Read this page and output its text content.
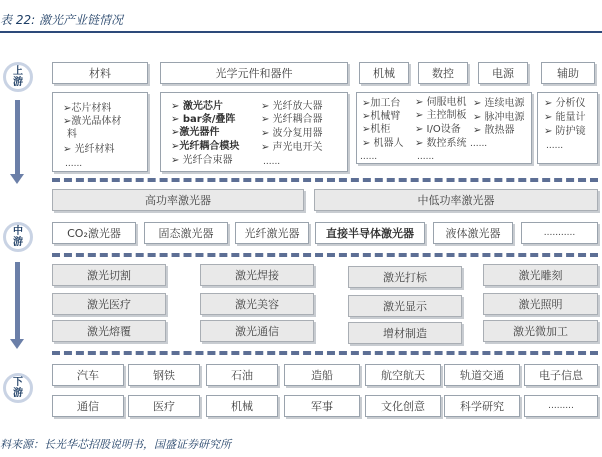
表 22: 激光产业链情况
上
游
中
游
下
游
材料	光学元件和器件	机械	数控	电源	辅助
➢芯片材料
➢激光晶体材
料
➢ 光纤材料
......
➢ 激光芯片
➢ bar条/叠阵
➢激光器件
➢光纤耦合模块
➢ 光纤合束器
➢ 光纤放大器
➢ 光纤耦合器
➢ 波分复用器
➢ 声光电开关
......
➢加工台
➢机械臂
➢机柜
➢ 机器人
......
➢ 伺服电机
➢ 主控制板
➢ I/O设备
➢ 数控系统
......
➢ 连续电源
➢ 脉冲电源
➢ 散热器
......
➢ 分析仪
➢ 能量计
➢ 防护镜
......
高功率激光器	中低功率激光器
CO₂激光器	固态激光器	光纤激光器	直接半导体激光器	液体激光器	...........
激光切割	激光焊接	激光打标	激光雕刻
激光医疗	激光美容	激光显示	激光照明
激光熔覆	激光通信	增材制造	激光微加工
汽车	钢铁	石油	造船	航空航天	轨道交通	电子信息
通信	医疗	机械	军事	文化创意	科学研究	.........
料来源：长光华芯招股说明书，国盛证券研究所
